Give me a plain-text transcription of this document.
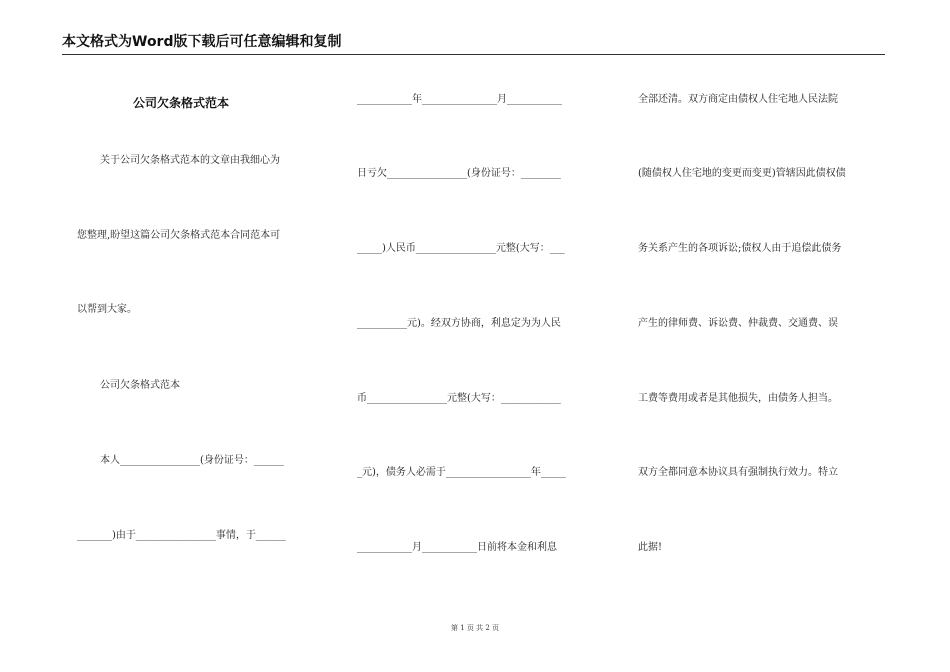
本文格式为Word版下载后可任意编辑和复制
公司欠条格式范本
关于公司欠条格式范本的文章由我细心为
您整理,盼望这篇公司欠条格式范本合同范本可
以帮到大家。
公司欠条格式范本
本人________________(身份证号：______
_______)由于________________事情，于______
___________年_______________月___________
日亏欠________________(身份证号：________
_____)人民币________________元整(大写：___
__________元)。经双方协商，利息定为为人民
币________________元整(大写：____________
_元)，债务人必需于_________________年_____
___________月___________日前将本金和利息
全部还清。双方商定由债权人住宅地人民法院
(随债权人住宅地的变更而变更)管辖因此债权债
务关系产生的各项诉讼;债权人由于追偿此债务
产生的律师费、诉讼费、仲裁费、交通费、误
工费等费用或者是其他损失，由债务人担当。
双方全都同意本协议具有强制执行效力。特立
此据!
第 1 页 共 2 页
